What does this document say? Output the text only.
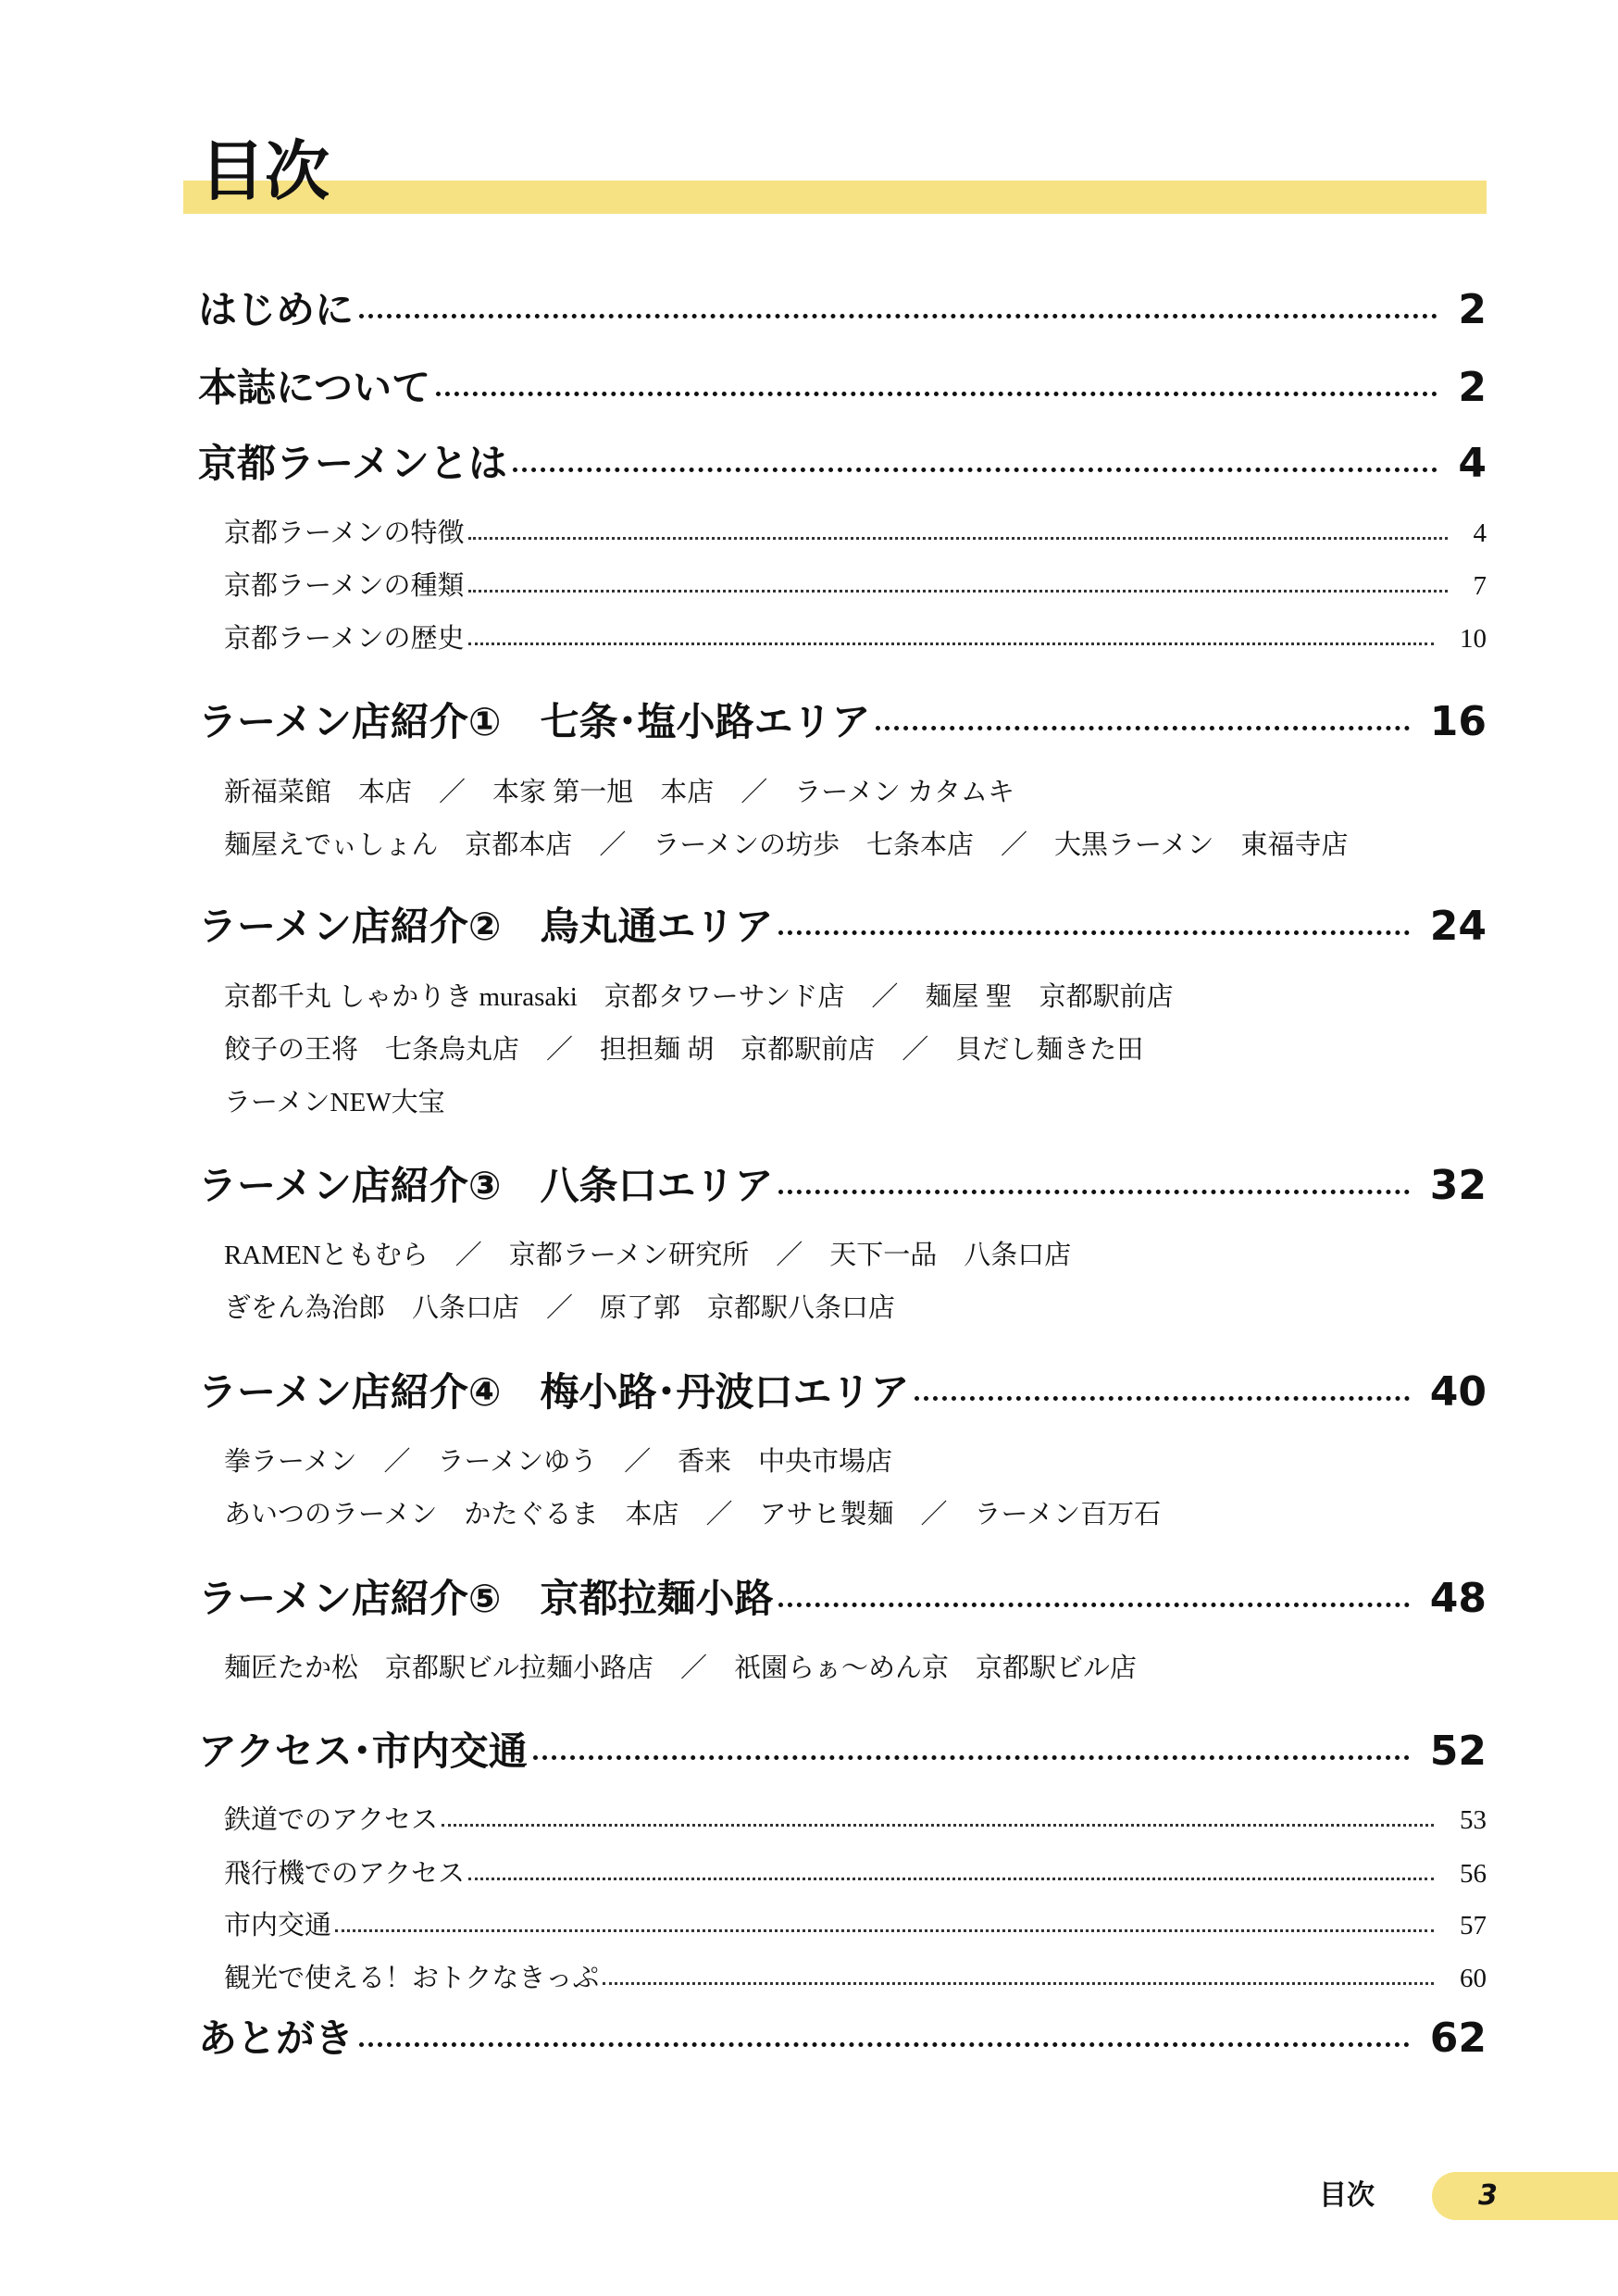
目次
はじめに	2
本誌について	2
京都ラーメンとは	4
京都ラーメンの特徴	4
京都ラーメンの種類	7
京都ラーメンの歴史	10
ラーメン店紹介①　七条･塩小路エリア	16
新福菜館　本店　／　本家 第一旭　本店　／　ラーメン カタムキ
麺屋えでぃしょん　京都本店　／　ラーメンの坊歩　七条本店　／　大黒ラーメン　東福寺店
ラーメン店紹介②　烏丸通エリア	24
京都千丸 しゃかりき murasaki　京都タワーサンド店　／　麺屋 聖　京都駅前店
餃子の王将　七条烏丸店　／　担担麺 胡　京都駅前店　／　貝だし麺きた田
ラーメンNEW大宝
ラーメン店紹介③　八条口エリア	32
RAMENともむら　／　京都ラーメン研究所　／　天下一品　八条口店
ぎをん為治郎　八条口店　／　原了郭　京都駅八条口店
ラーメン店紹介④　梅小路･丹波口エリア	40
拳ラーメン　／　ラーメンゆう　／　香来　中央市場店
あいつのラーメン　かたぐるま　本店　／　アサヒ製麺　／　ラーメン百万石
ラーメン店紹介⑤　京都拉麺小路	48
麺匠たか松　京都駅ビル拉麺小路店　／　祇園らぁ～めん京　京都駅ビル店
アクセス･市内交通	52
鉄道でのアクセス	53
飛行機でのアクセス	56
市内交通	57
観光で使える！おトクなきっぷ	60
あとがき	62
目次	3
